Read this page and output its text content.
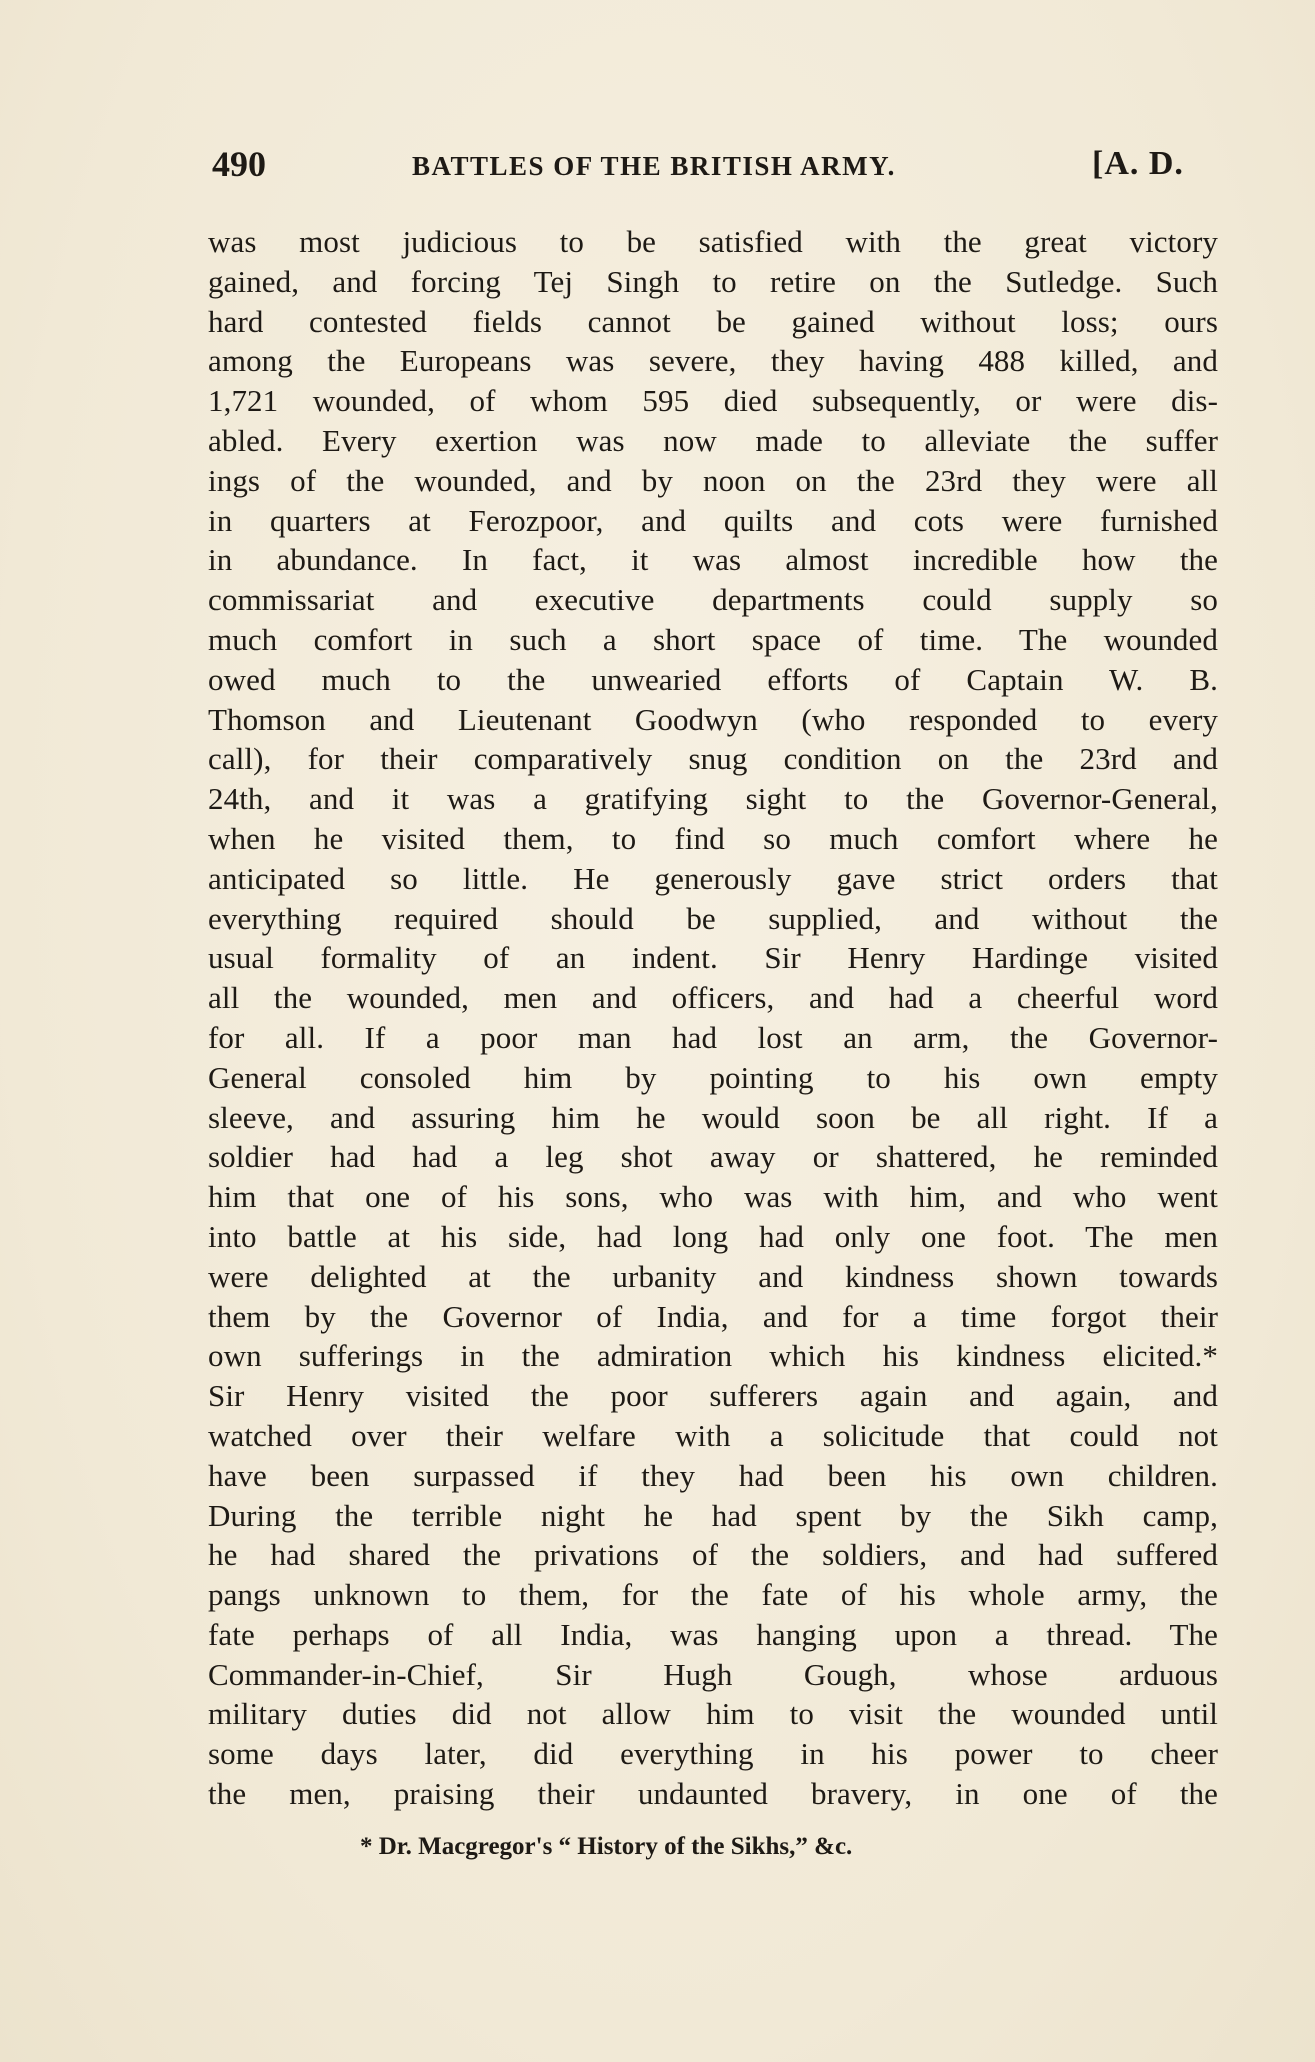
490	BATTLES OF THE BRITISH ARMY.	[A. D.
was most judicious to be satisfied with the great victory
gained, and forcing Tej Singh to retire on the Sutledge. Such
hard contested fields cannot be gained without loss; ours
among the Europeans was severe, they having 488 killed, and
1,721 wounded, of whom 595 died subsequently, or were dis-
abled. Every exertion was now made to alleviate the suffer
ings of the wounded, and by noon on the 23rd they were all
in quarters at Ferozpoor, and quilts and cots were furnished
in abundance. In fact, it was almost incredible how the
commissariat and executive departments could supply so
much comfort in such a short space of time. The wounded
owed much to the unwearied efforts of Captain W. B.
Thomson and Lieutenant Goodwyn (who responded to every
call), for their comparatively snug condition on the 23rd and
24th, and it was a gratifying sight to the Governor-General,
when he visited them, to find so much comfort where he
anticipated so little. He generously gave strict orders that
everything required should be supplied, and without the
usual formality of an indent. Sir Henry Hardinge visited
all the wounded, men and officers, and had a cheerful word
for all. If a poor man had lost an arm, the Governor-
General consoled him by pointing to his own empty
sleeve, and assuring him he would soon be all right. If a
soldier had had a leg shot away or shattered, he reminded
him that one of his sons, who was with him, and who went
into battle at his side, had long had only one foot. The men
were delighted at the urbanity and kindness shown towards
them by the Governor of India, and for a time forgot their
own sufferings in the admiration which his kindness elicited.*
Sir Henry visited the poor sufferers again and again, and
watched over their welfare with a solicitude that could not
have been surpassed if they had been his own children.
During the terrible night he had spent by the Sikh camp,
he had shared the privations of the soldiers, and had suffered
pangs unknown to them, for the fate of his whole army, the
fate perhaps of all India, was hanging upon a thread. The
Commander-in-Chief, Sir Hugh Gough, whose arduous
military duties did not allow him to visit the wounded until
some days later, did everything in his power to cheer
the men, praising their undaunted bravery, in one of the
* Dr. Macgregor's “ History of the Sikhs,” &c.
